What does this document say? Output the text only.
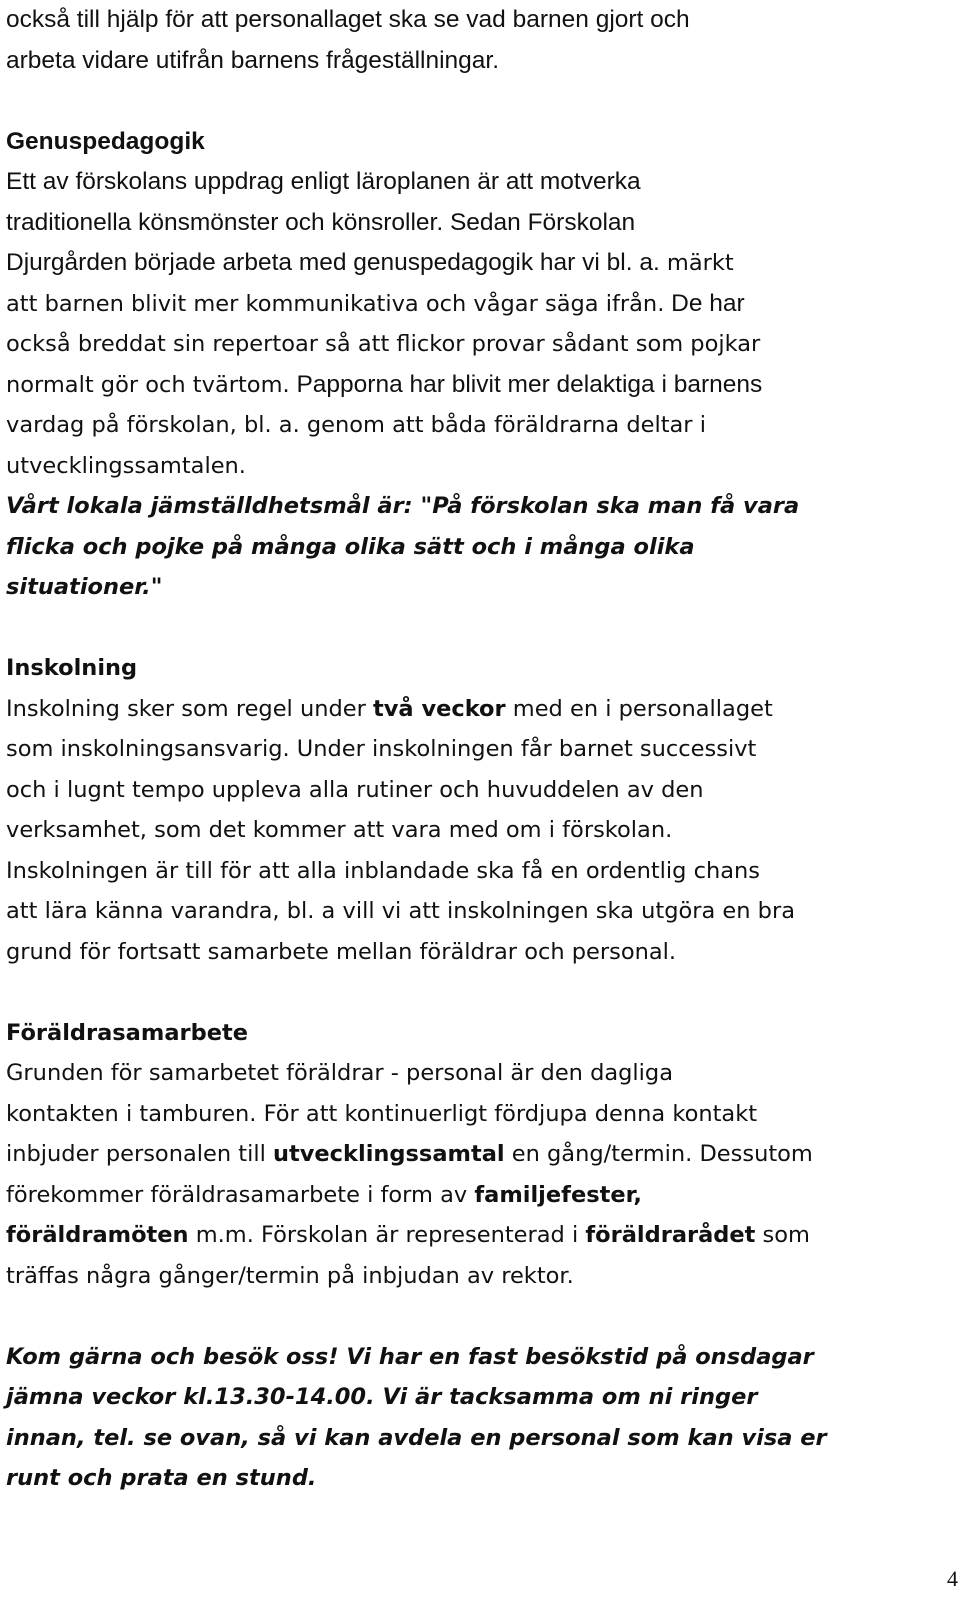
också till hjälp för att personallaget ska se vad barnen gjort och
arbeta vidare utifrån barnens frågeställningar.
Genuspedagogik
Ett av förskolans uppdrag enligt läroplanen är att motverka
traditionella könsmönster och könsroller. Sedan Förskolan
Djurgården började arbeta med genuspedagogik har vi bl. a. märkt
att barnen blivit mer kommunikativa och vågar säga ifrån. De har
också breddat sin repertoar så att flickor provar sådant som pojkar
normalt gör och tvärtom. Papporna har blivit mer delaktiga i barnens
vardag på förskolan, bl. a. genom att båda föräldrarna deltar i
utvecklingssamtalen.
Vårt lokala jämställdhetsmål är: "På förskolan ska man få vara
flicka och pojke på många olika sätt och i många olika
situationer."
Inskolning
Inskolning sker som regel under två veckor med en i personallaget
som inskolningsansvarig. Under inskolningen får barnet successivt
och i lugnt tempo uppleva alla rutiner och huvuddelen av den
verksamhet, som det kommer att vara med om i förskolan.
Inskolningen är till för att alla inblandade ska få en ordentlig chans
att lära känna varandra, bl. a vill vi att inskolningen ska utgöra en bra
grund för fortsatt samarbete mellan föräldrar och personal.
Föräldrasamarbete
Grunden för samarbetet föräldrar - personal är den dagliga
kontakten i tamburen. För att kontinuerligt fördjupa denna kontakt
inbjuder personalen till utvecklingssamtal en gång/termin. Dessutom
förekommer föräldrasamarbete i form av familjefester,
föräldramöten m.m. Förskolan är representerad i föräldrarådet som
träffas några gånger/termin på inbjudan av rektor.
Kom gärna och besök oss! Vi har en fast besökstid på onsdagar
jämna veckor kl.13.30-14.00. Vi är tacksamma om ni ringer
innan, tel. se ovan, så vi kan avdela en personal som kan visa er
runt och prata en stund.
4
